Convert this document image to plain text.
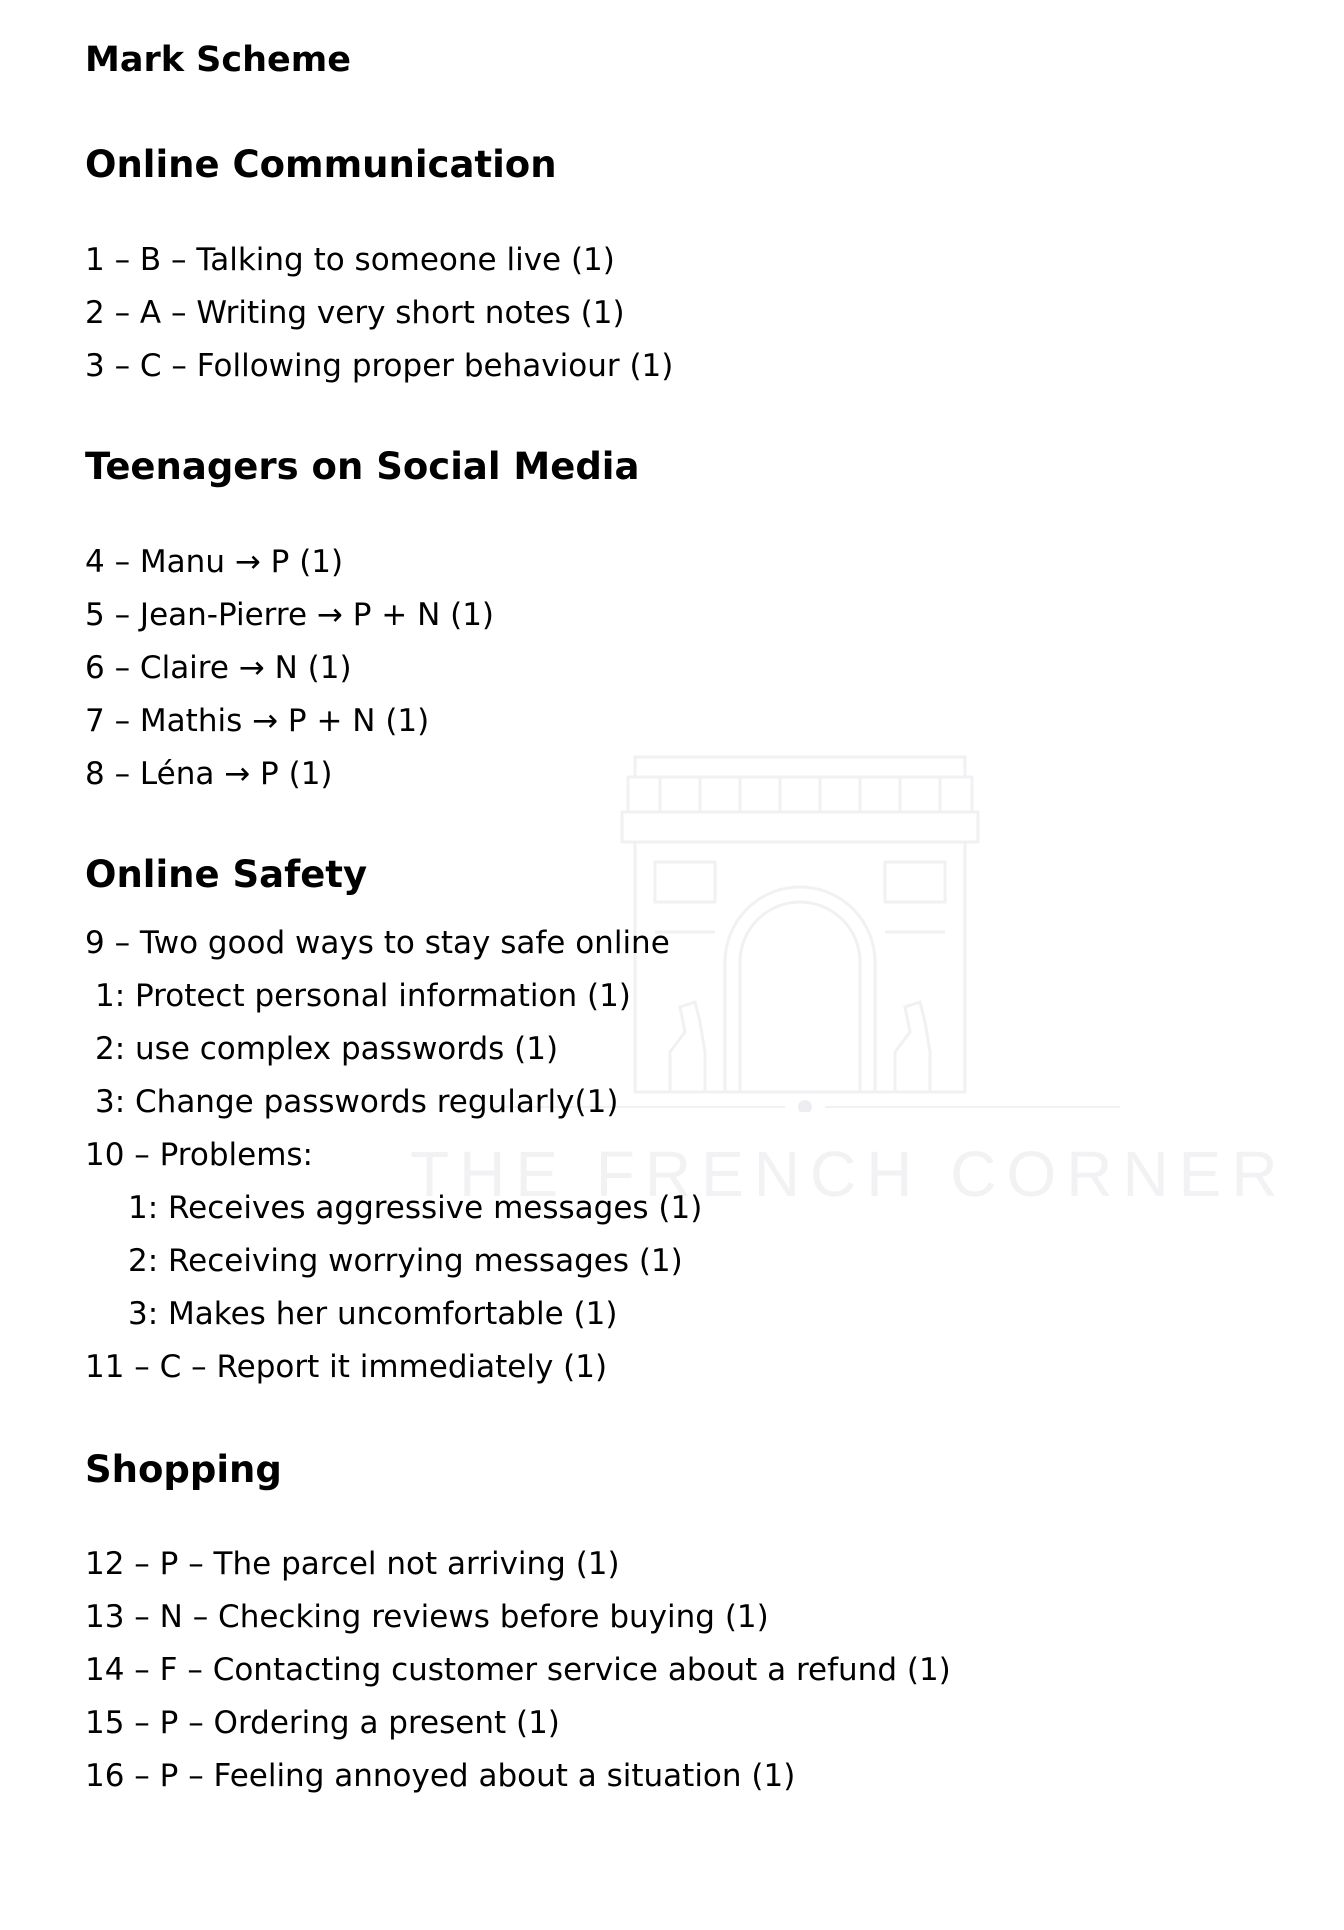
THE FRENCH CORNER
Mark Scheme
Online Communication
1 – B – Talking to someone live (1)
2 – A – Writing very short notes (1)
3 – C – Following proper behaviour (1)
Teenagers on Social Media
4 – Manu → P (1)
5 – Jean-Pierre → P + N (1)
6 – Claire → N (1)
7 – Mathis → P + N (1)
8 – Léna → P (1)
Online Safety
9 – Two good ways to stay safe online
1: Protect personal information (1)
2: use complex passwords (1)
3: Change passwords regularly(1)
10 – Problems:
1: Receives aggressive messages (1)
2: Receiving worrying messages (1)
3: Makes her uncomfortable (1)
11 – C – Report it immediately (1)
Shopping
12 – P – The parcel not arriving (1)
13 – N – Checking reviews before buying (1)
14 – F – Contacting customer service about a refund (1)
15 – P – Ordering a present (1)
16 – P – Feeling annoyed about a situation (1)
